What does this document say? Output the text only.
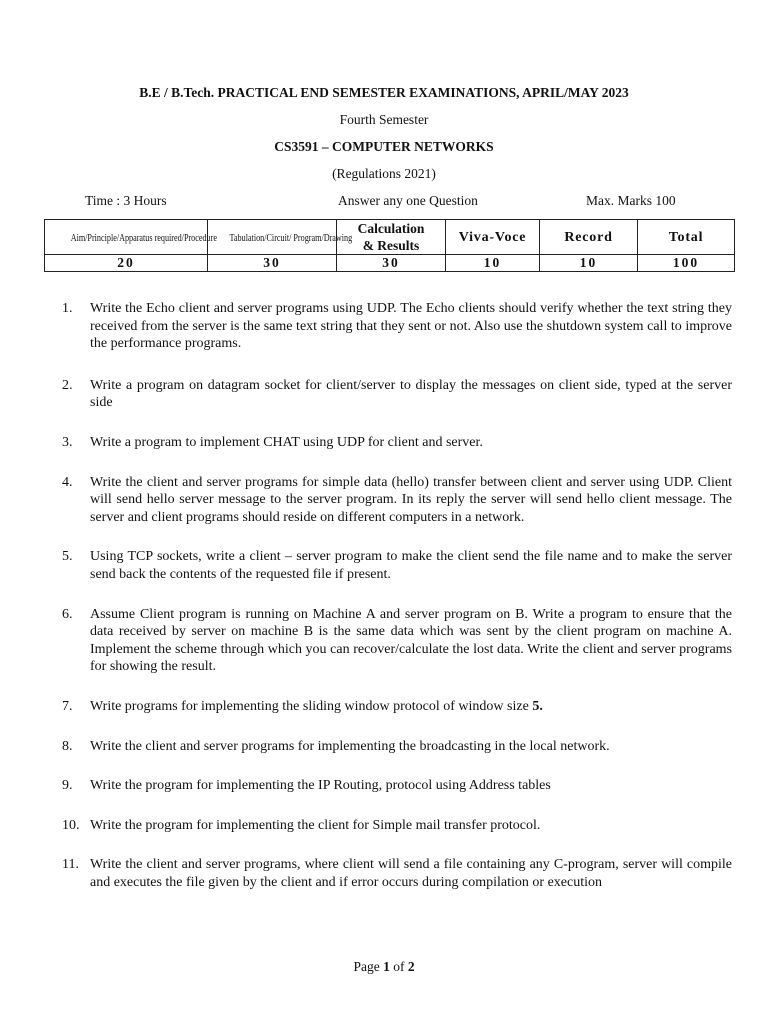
B.E / B.Tech. PRACTICAL END SEMESTER EXAMINATIONS, APRIL/MAY 2023
Fourth Semester
CS3591 – COMPUTER NETWORKS
(Regulations 2021)
Time : 3 Hours	Answer any one Question	Max. Marks 100
Aim/Principle/Apparatus required/Procedure	Tabulation/Circuit/ Program/Drawing	Calculation
& Results	Viva-Voce	Record	Total
20	30	30	10	10	100
1.	Write the Echo client and server programs using UDP. The Echo clients should verify whether the text string they received from the server is the same text string that they sent or not. Also use the shutdown system call to improve the performance programs.
2.	Write a program on datagram socket for client/server to display the messages on client side, typed at the server side
3.	Write a program to implement CHAT using UDP for client and server.
4.	Write the client and server programs for simple data (hello) transfer between client and server using UDP. Client will send hello server message to the server program. In its reply the server will send hello client message. The server and client programs should reside on different computers in a network.
5.	Using TCP sockets, write a client – server program to make the client send the file name and to make the server send back the contents of the requested file if present.
6.	Assume Client program is running on Machine A and server program on B. Write a program to ensure that the data received by server on machine B is the same data which was sent by the client program on machine A. Implement the scheme through which you can recover/calculate the lost data. Write the client and server programs for showing the result.
7.	Write programs for implementing the sliding window protocol of window size 5.
8.	Write the client and server programs for implementing the broadcasting in the local network.
9.	Write the program for implementing the IP Routing, protocol using Address tables
10. Write the program for implementing the client for Simple mail transfer protocol.
11. Write the client and server programs, where client will send a file containing any C-program, server will compile and executes the file given by the client and if error occurs during compilation or execution
Page 1 of 2
